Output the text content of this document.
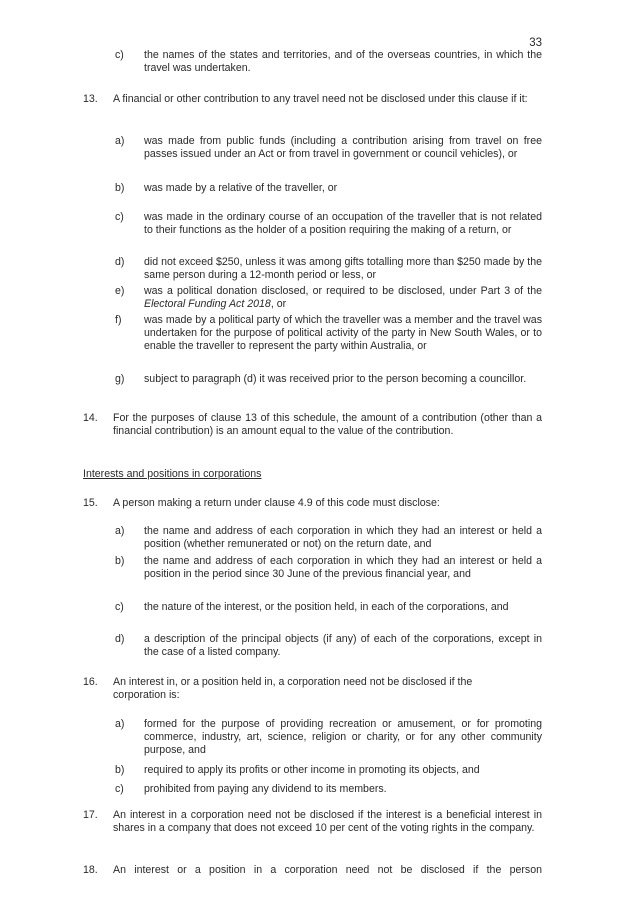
33
c) the names of the states and territories, and of the overseas countries, in which the travel was undertaken.
13. A financial or other contribution to any travel need not be disclosed under this clause if it:
a) was made from public funds (including a contribution arising from travel on free passes issued under an Act or from travel in government or council vehicles), or
b) was made by a relative of the traveller, or
c) was made in the ordinary course of an occupation of the traveller that is not related to their functions as the holder of a position requiring the making of a return, or
d) did not exceed $250, unless it was among gifts totalling more than $250 made by the same person during a 12-month period or less, or
e) was a political donation disclosed, or required to be disclosed, under Part 3 of the Electoral Funding Act 2018, or
f) was made by a political party of which the traveller was a member and the travel was undertaken for the purpose of political activity of the party in New South Wales, or to enable the traveller to represent the party within Australia, or
g) subject to paragraph (d) it was received prior to the person becoming a councillor.
14. For the purposes of clause 13 of this schedule, the amount of a contribution (other than a financial contribution) is an amount equal to the value of the contribution.
Interests and positions in corporations
15. A person making a return under clause 4.9 of this code must disclose:
a) the name and address of each corporation in which they had an interest or held a position (whether remunerated or not) on the return date, and
b) the name and address of each corporation in which they had an interest or held a position in the period since 30 June of the previous financial year, and
c) the nature of the interest, or the position held, in each of the corporations, and
d) a description of the principal objects (if any) of each of the corporations, except in the case of a listed company.
16. An interest in, or a position held in, a corporation need not be disclosed if the corporation is:
a) formed for the purpose of providing recreation or amusement, or for promoting commerce, industry, art, science, religion or charity, or for any other community purpose, and
b) required to apply its profits or other income in promoting its objects, and
c) prohibited from paying any dividend to its members.
17. An interest in a corporation need not be disclosed if the interest is a beneficial interest in shares in a company that does not exceed 10 per cent of the voting rights in the company.
18. An interest or a position in a corporation need not be disclosed if the person
